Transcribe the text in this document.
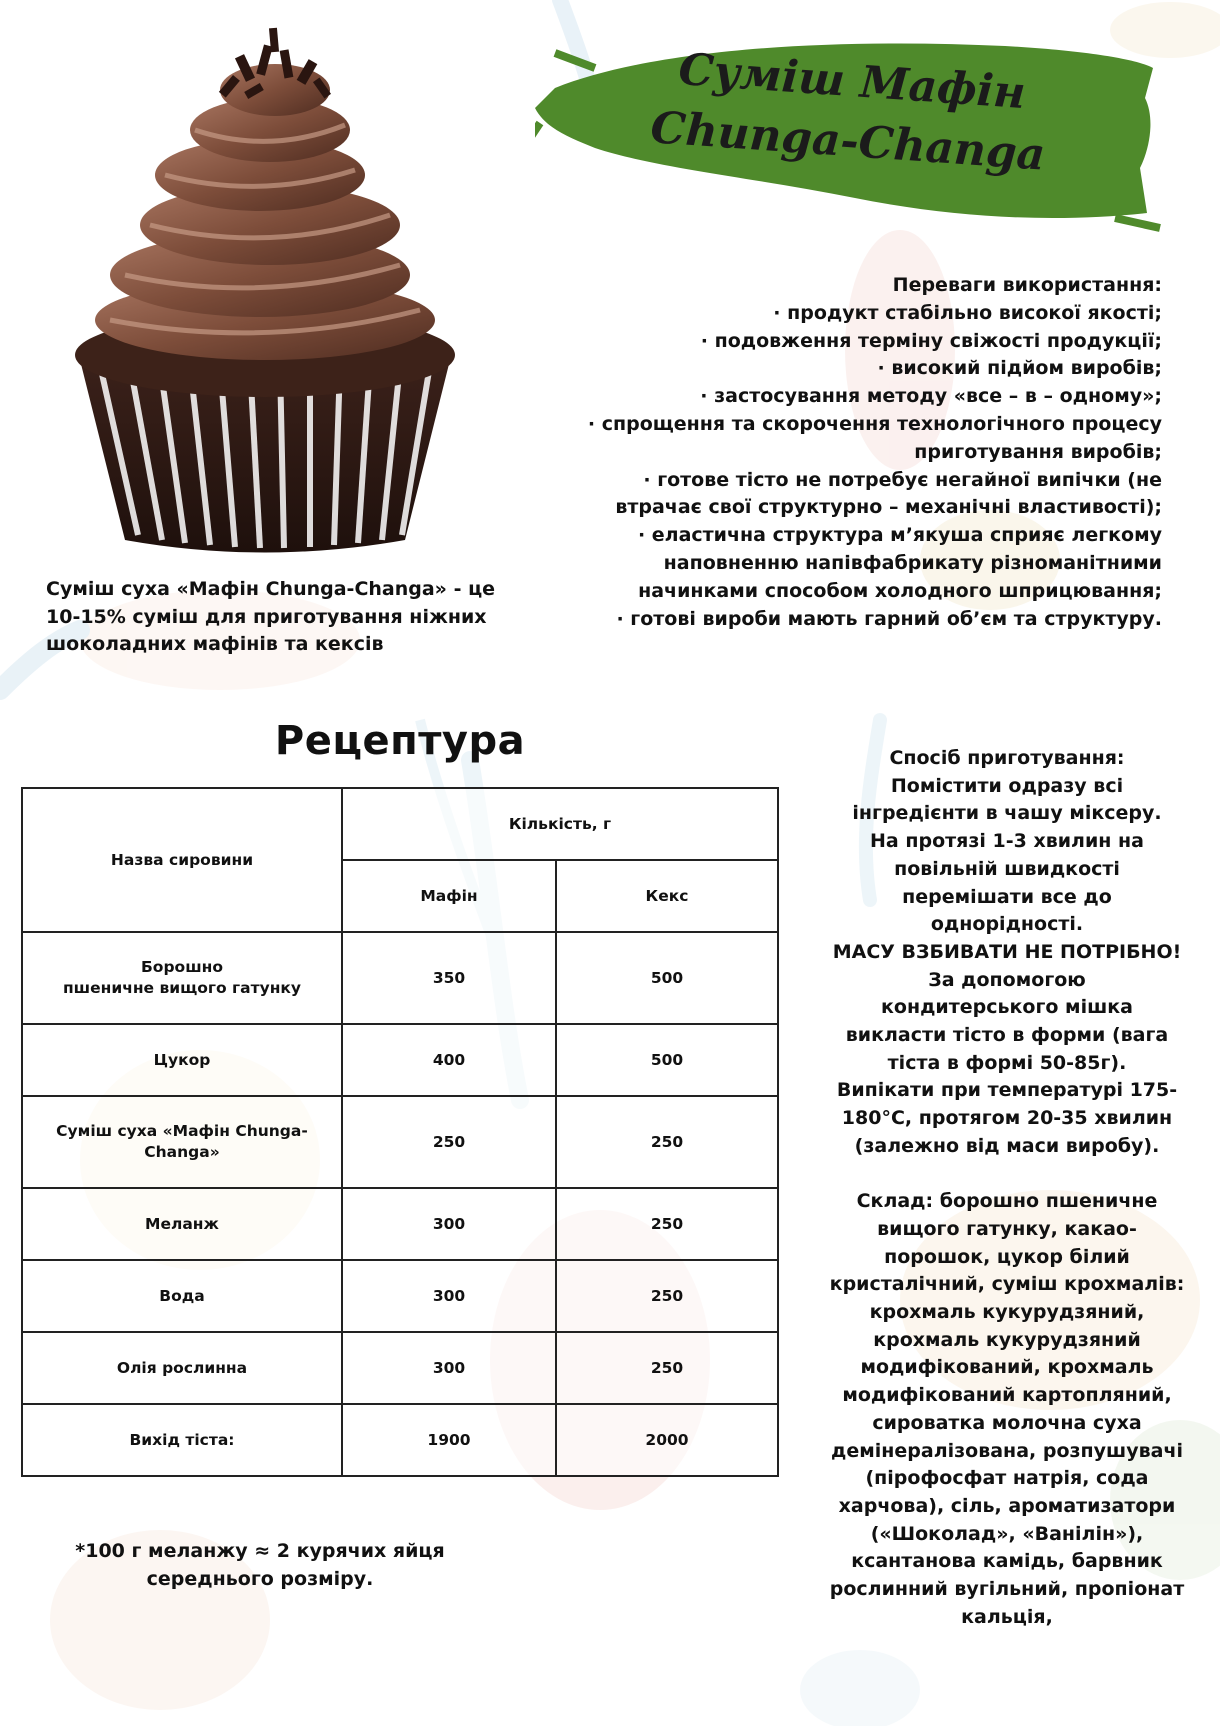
Суміш Мафін
Chunga-Changa
Переваги використання:
· продукт стабільно високої якості;
· подовження терміну свіжості продукції;
· високий підйом виробів;
· застосування методу «все – в – одному»;
· спрощення та скорочення технологічного процесу
приготування виробів;
· готове тісто не потребує негайної випічки (не
втрачає свої структурно – механічні властивості);
· еластична структура м’якуша сприяє легкому
наповненню напівфабрикату різноманітними
начинками способом холодного шприцювання;
· готові вироби мають гарний об’єм та структуру.
Суміш суха «Мафін Chunga-Changa» - це
10-15% суміш для приготування ніжних
шоколадних мафінів та кексів
Рецептура
Назва сировини	Кількість, г	
	Мафін	Кекс

Борошно
пшеничне вищого гатунку	350	500
Цукор	400	500

Суміш суха «Мафін Chunga-
Changa»	250	250
Меланж	300	250
Вода	300	250
Олія рослинна	300	250
Вихід тіста:	1900	2000
*100 г меланжу ≈ 2 курячих яйця
середнього розміру.
Спосіб приготування:
Помістити одразу всі
інгредієнти в чашу міксеру.
На протязі 1-3 хвилин на
повільній швидкості
перемішати все до
однорідності.
МАСУ ВЗБИВАТИ НЕ ПОТРІБНО!
За допомогою
кондитерського мішка
викласти тісто в форми (вага
тіста в формі 50-85г).
Випікати при температурі 175-
180°С, протягом 20-35 хвилин
(залежно від маси виробу).
Склад: борошно пшеничне
вищого гатунку, какао-
порошок, цукор білий
кристалічний, суміш крохмалів:
крохмаль кукурудзяний,
крохмаль кукурудзяний
модифікований, крохмаль
модифікований картопляний,
сироватка молочна суха
демінералізована, розпушувачі
(пірофосфат натрія, сода
харчова), сіль, ароматизатори
(«Шоколад», «Ванілін»),
ксантанова камідь, барвник
рослинний вугільний, пропіонат
кальція,
